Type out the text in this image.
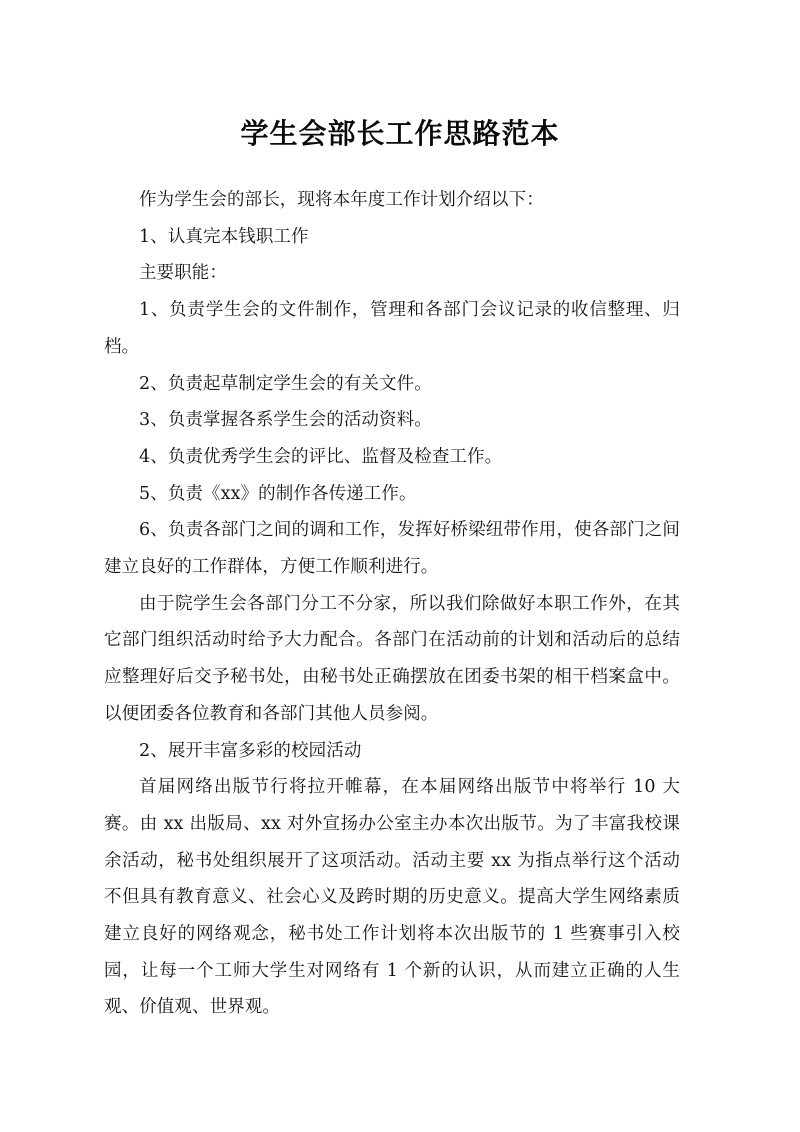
学生会部长工作思路范本

作为学生会的部长，现将本年度工作计划介绍以下：

1、认真完本钱职工作

主要职能：

1、负责学生会的文件制作，管理和各部门会议记录的收信整理、归档。

2、负责起草制定学生会的有关文件。

3、负责掌握各系学生会的活动资料。

4、负责优秀学生会的评比、监督及检查工作。

5、负责《xx》的制作各传递工作。

6、负责各部门之间的调和工作，发挥好桥梁纽带作用，使各部门之间建立良好的工作群体，方便工作顺利进行。

由于院学生会各部门分工不分家，所以我们除做好本职工作外，在其它部门组织活动时给予大力配合。各部门在活动前的计划和活动后的总结应整理好后交予秘书处，由秘书处正确摆放在团委书架的相干档案盒中。以便团委各位教育和各部门其他人员参阅。

2、展开丰富多彩的校园活动

首届网络出版节行将拉开帷幕，在本届网络出版节中将举行 10 大赛。由 xx 出版局、xx 对外宣扬办公室主办本次出版节。为了丰富我校课余活动，秘书处组织展开了这项活动。活动主要 xx 为指点举行这个活动不但具有教育意义、社会心义及跨时期的历史意义。提高大学生网络素质建立良好的网络观念，秘书处工作计划将本次出版节的 1 些赛事引入校园，让每一个工师大学生对网络有 1 个新的认识，从而建立正确的人生观、价值观、世界观。
